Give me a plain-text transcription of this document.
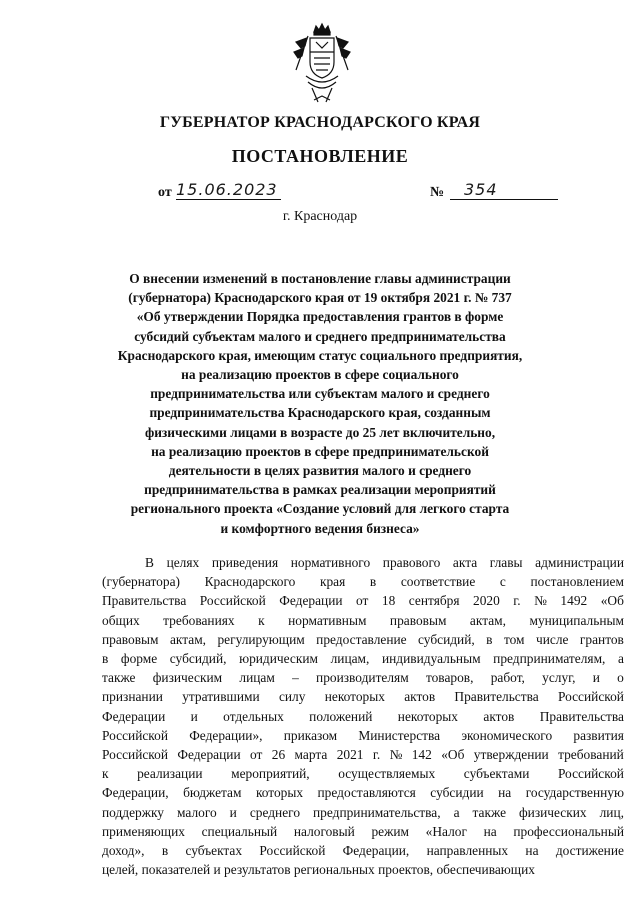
ГУБЕРНАТОР КРАСНОДАРСКОГО КРАЯ
ПОСТАНОВЛЕНИЕ
от 15.06.2023	№	354
г. Краснодар
О внесении изменений в постановление главы администрации
(губернатора) Краснодарского края от 19 октября 2021 г. № 737
«Об утверждении Порядка предоставления грантов в форме
субсидий субъектам малого и среднего предпринимательства
Краснодарского края, имеющим статус социального предприятия,
на реализацию проектов в сфере социального
предпринимательства или субъектам малого и среднего
предпринимательства Краснодарского края, созданным
физическими лицами в возрасте до 25 лет включительно,
на реализацию проектов в сфере предпринимательской
деятельности в целях развития малого и среднего
предпринимательства в рамках реализации мероприятий
регионального проекта «Создание условий для легкого старта
и комфортного ведения бизнеса»
В целях приведения нормативного правового акта главы администрации
(губернатора) Краснодарского края в соответствие с постановлением
Правительства Российской Федерации от 18 сентября 2020 г. № 1492 «Об
общих требованиях к нормативным правовым актам, муниципальным
правовым актам, регулирующим предоставление субсидий, в том числе грантов
в форме субсидий, юридическим лицам, индивидуальным предпринимателям, а
также физическим лицам – производителям товаров, работ, услуг, и о
признании утратившими силу некоторых актов Правительства Российской
Федерации и отдельных положений некоторых актов Правительства
Российской Федерации», приказом Министерства экономического развития
Российской Федерации от 26 марта 2021 г. № 142 «Об утверждении требований
к реализации мероприятий, осуществляемых субъектами Российской
Федерации, бюджетам которых предоставляются субсидии на государственную
поддержку малого и среднего предпринимательства, а также физических лиц,
применяющих специальный налоговый режим «Налог на профессиональный
доход», в субъектах Российской Федерации, направленных на достижение
целей, показателей и результатов региональных проектов, обеспечивающих
